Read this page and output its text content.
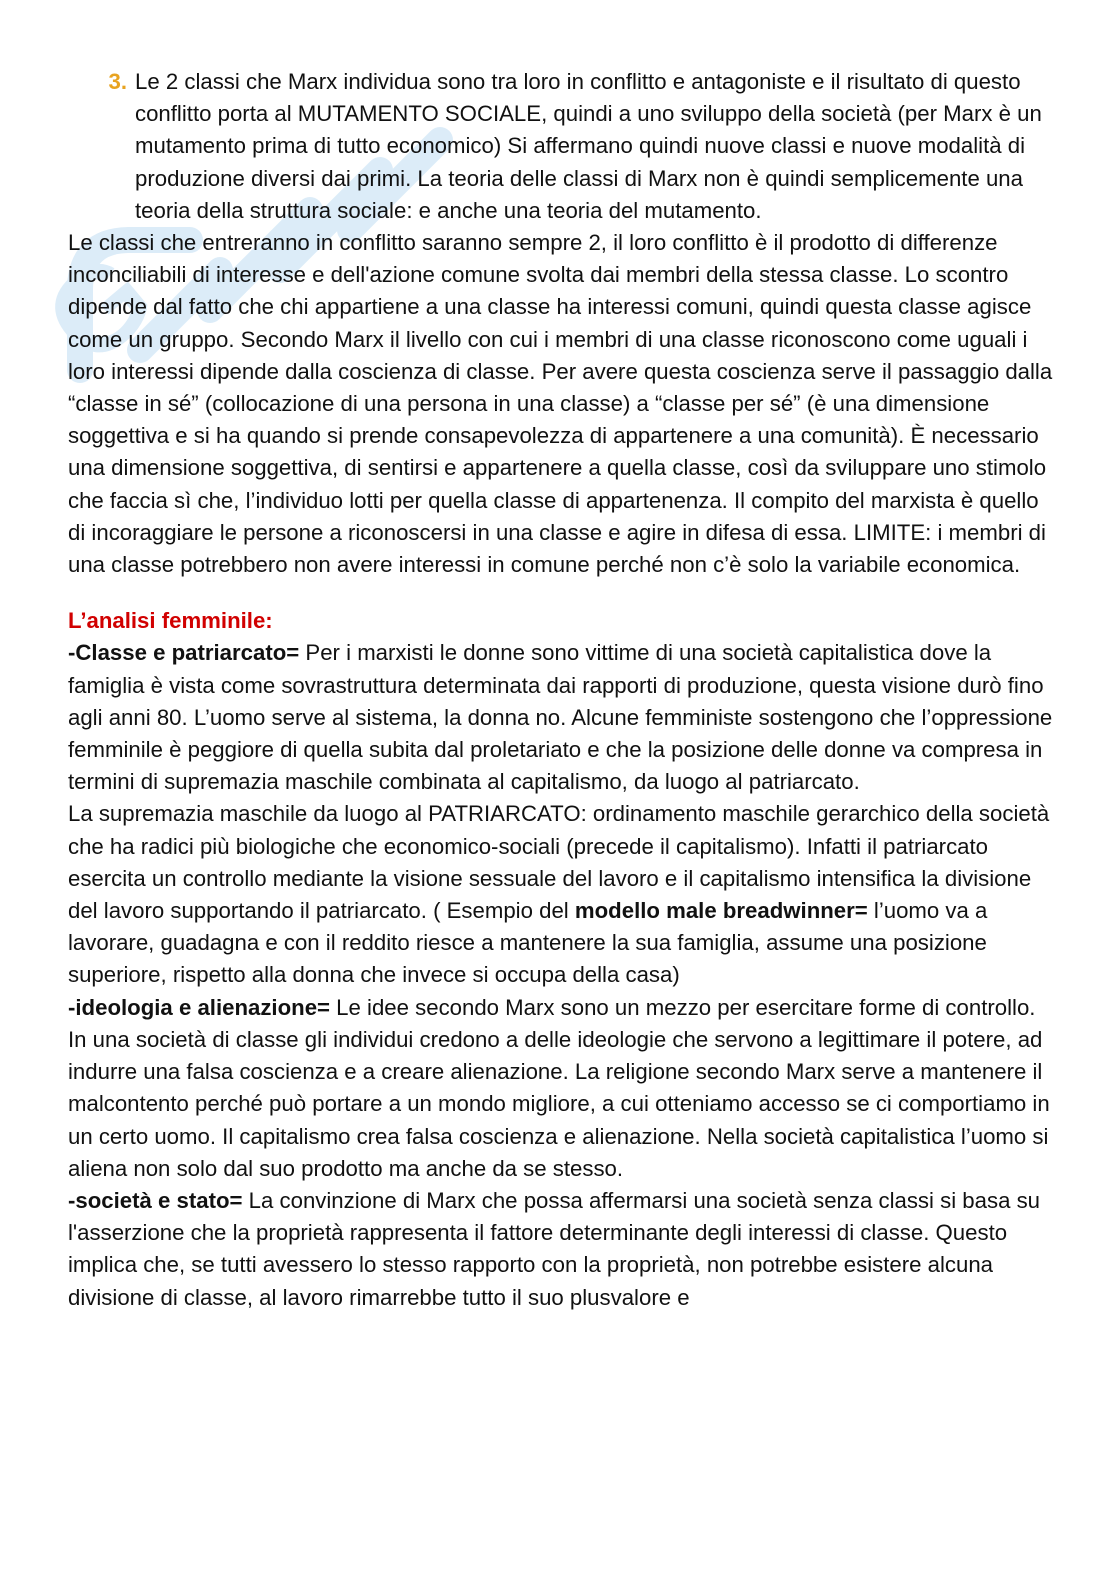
G
3. Le 2 classi che Marx individua sono tra loro in conflitto e antagoniste e il risultato di questo conflitto porta al MUTAMENTO SOCIALE, quindi a uno sviluppo della società (per Marx è un mutamento prima di tutto economico) Si affermano quindi nuove classi e nuove modalità di produzione diversi dai primi. La teoria delle classi di Marx non è quindi semplicemente una teoria della struttura sociale: e anche una teoria del mutamento.

Le classi che entreranno in conflitto saranno sempre 2, il loro conflitto è il prodotto di differenze inconciliabili di interesse e dell'azione comune svolta dai membri della stessa classe. Lo scontro dipende dal fatto che chi appartiene a una classe ha interessi comuni, quindi questa classe agisce come un gruppo. Secondo Marx il livello con cui i membri di una classe riconoscono come uguali i loro interessi dipende dalla coscienza di classe. Per avere questa coscienza serve il passaggio dalla “classe in sé” (collocazione di una persona in una classe) a “classe per sé” (è una dimensione soggettiva e si ha quando si prende consapevolezza di appartenere a una comunità). È necessario una dimensione soggettiva, di sentirsi e appartenere a quella classe, così da sviluppare uno stimolo che faccia sì che, l’individuo lotti per quella classe di appartenenza. Il compito del marxista è quello di incoraggiare le persone a riconoscersi in una classe e agire in difesa di essa. LIMITE: i membri di una classe potrebbero non avere interessi in comune perché non c’è solo la variabile economica.

L’analisi femminile:

-Classe e patriarcato= Per i marxisti le donne sono vittime di una società capitalistica dove la famiglia è vista come sovrastruttura determinata dai rapporti di produzione, questa visione durò fino agli anni 80. L’uomo serve al sistema, la donna no. Alcune femministe sostengono che l’oppressione femminile è peggiore di quella subita dal proletariato e che la posizione delle donne va compresa in termini di supremazia maschile combinata al capitalismo, da luogo al patriarcato.

La supremazia maschile da luogo al PATRIARCATO: ordinamento maschile gerarchico della società che ha radici più biologiche che economico-sociali (precede il capitalismo). Infatti il patriarcato esercita un controllo mediante la visione sessuale del lavoro e il capitalismo intensifica la divisione del lavoro supportando il patriarcato. ( Esempio del modello male breadwinner= l’uomo va a lavorare, guadagna e con il reddito riesce a mantenere la sua famiglia, assume una posizione superiore, rispetto alla donna che invece si occupa della casa)

-ideologia e alienazione= Le idee secondo Marx sono un mezzo per esercitare forme di controllo. In una società di classe gli individui credono a delle ideologie che servono a legittimare il potere, ad indurre una falsa coscienza e a creare alienazione. La religione secondo Marx serve a mantenere il malcontento perché può portare a un mondo migliore, a cui otteniamo accesso se ci comportiamo in un certo uomo. Il capitalismo crea falsa coscienza e alienazione. Nella società capitalistica l’uomo si aliena non solo dal suo prodotto ma anche da se stesso.

-società e stato= La convinzione di Marx che possa affermarsi una società senza classi si basa su l'asserzione che la proprietà rappresenta il fattore determinante degli interessi di classe. Questo implica che, se tutti avessero lo stesso rapporto con la proprietà, non potrebbe esistere alcuna divisione di classe, al lavoro rimarrebbe tutto il suo plusvalore e
